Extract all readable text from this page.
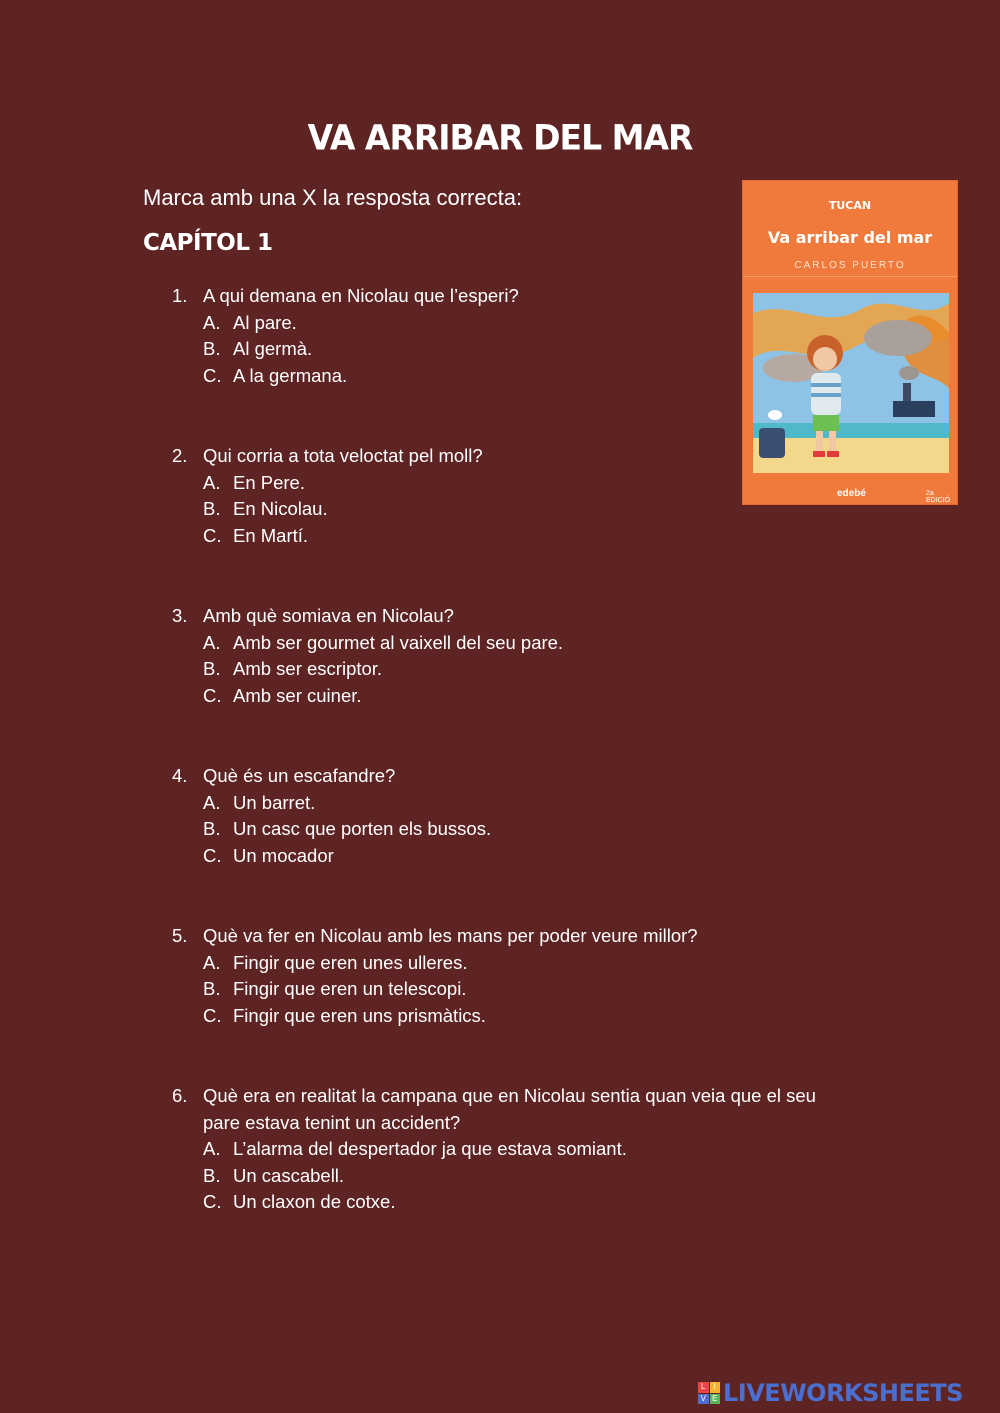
VA ARRIBAR DEL MAR
Marca amb una X la resposta correcta:
CAPÍTOL 1
1. A qui demana en Nicolau que l’esperi?
A. Al pare.
B. Al germà.
C. A la germana.
2. Qui corria a tota veloctat pel moll?
A. En Pere.
B. En Nicolau.
C. En Martí.
3. Amb què somiava en Nicolau?
A. Amb ser gourmet al vaixell del seu pare.
B. Amb ser escriptor.
C. Amb ser cuiner.
4. Què és un escafandre?
A. Un barret.
B. Un casc que porten els bussos.
C. Un mocador
5. Què va fer en Nicolau amb les mans per poder veure millor?
A. Fingir que eren unes ulleres.
B. Fingir que eren un telescopi.
C. Fingir que eren uns prismàtics.
6. Què era en realitat la campana que en Nicolau sentia quan veia que el seu pare estava tenint un accident?
A. L’alarma del despertador ja que estava somiant.
B. Un cascabell.
C. Un claxon de cotxe.
TUCAN
Va arribar del mar
CARLOS PUERTO
edebé	2a EDICIÓ
L	I
V E LIVEWORKSHEETS
